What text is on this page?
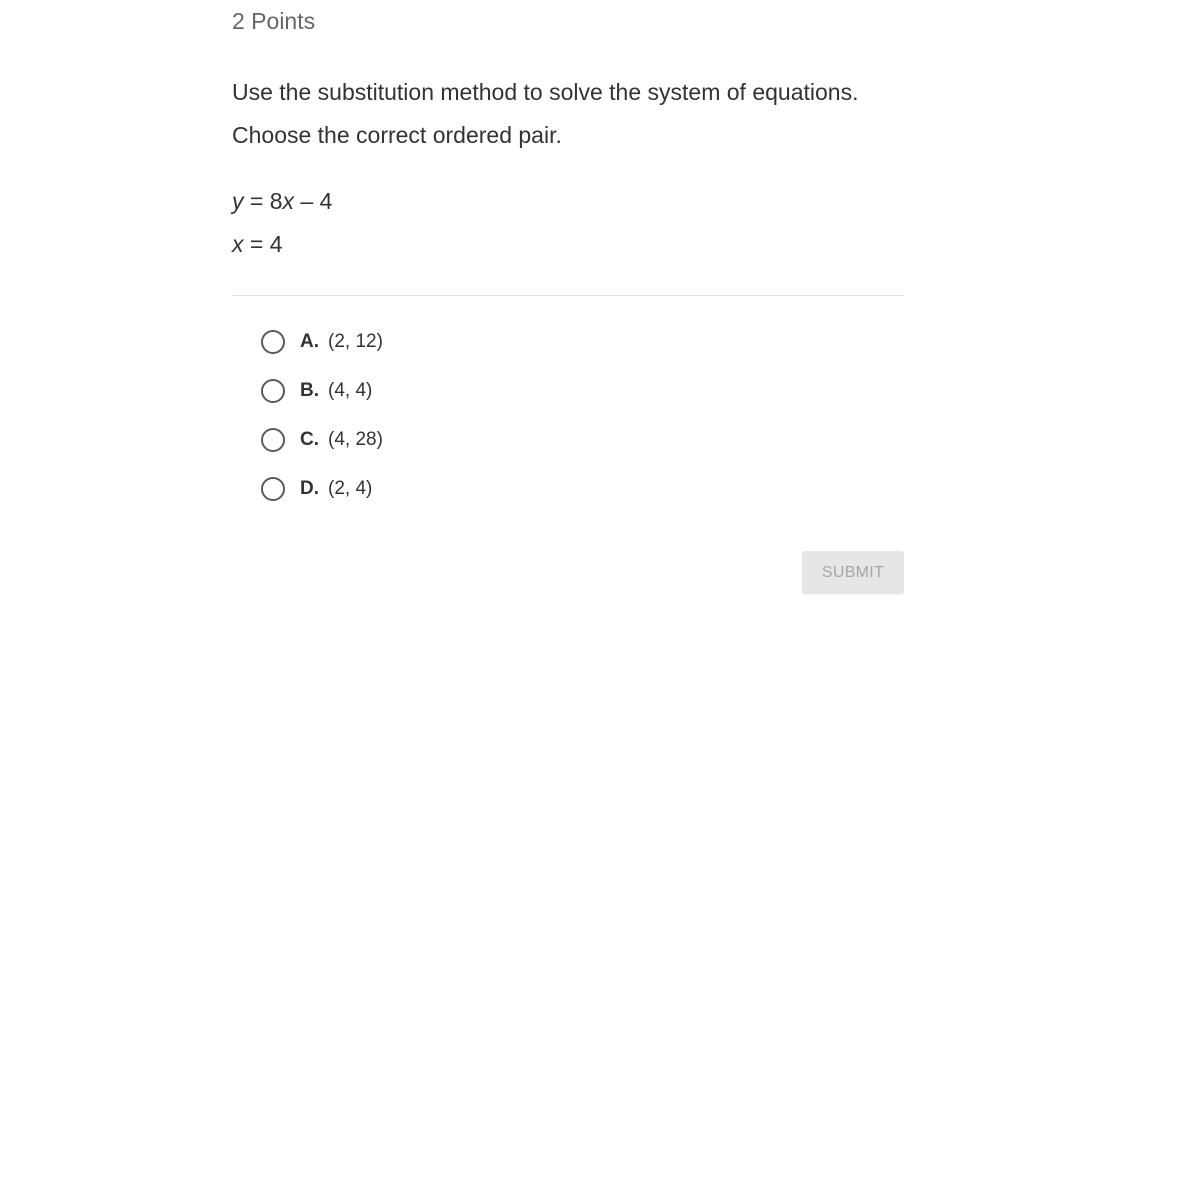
2 Points
Use the substitution method to solve the system of equations.
Choose the correct ordered pair.
y = 8x – 4
x = 4
A. (2, 12)
B. (4, 4)
C. (4, 28)
D. (2, 4)
SUBMIT
